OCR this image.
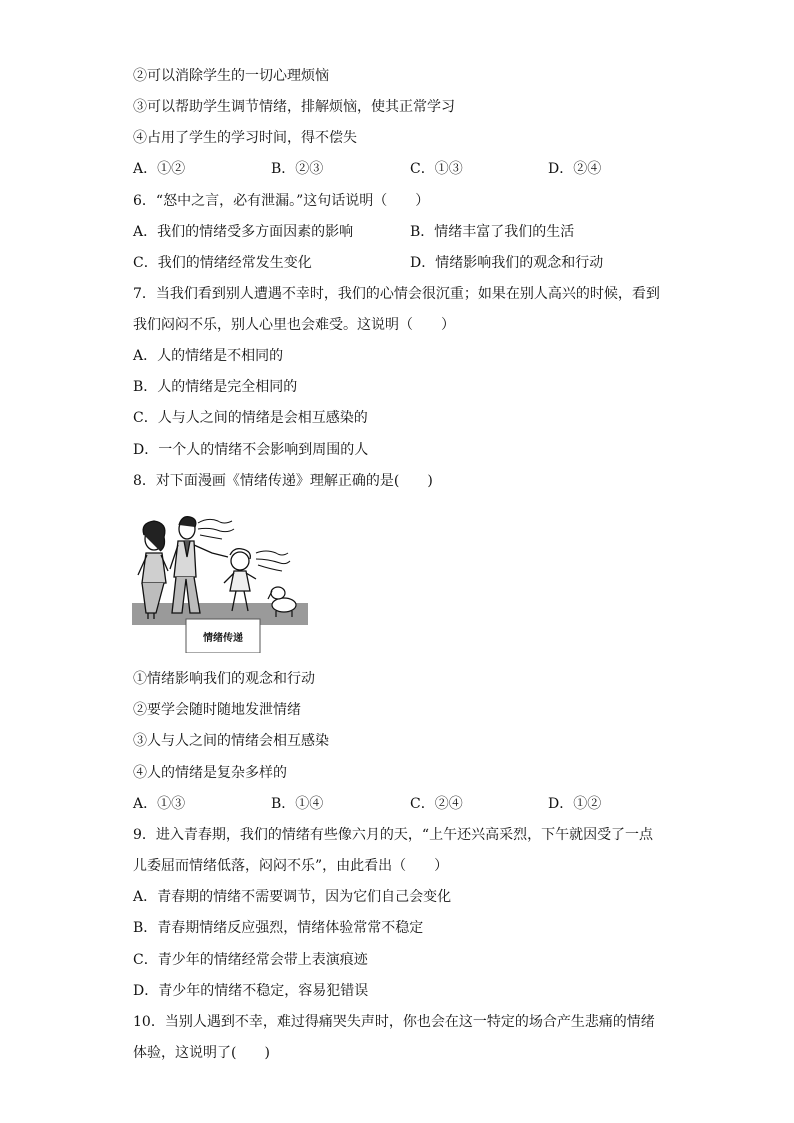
②可以消除学生的一切心理烦恼
③可以帮助学生调节情绪，排解烦恼，使其正常学习
④占用了学生的学习时间，得不偿失
A．①②	B．②③	C．①③	D．②④
6．“怒中之言，必有泄漏。”这句话说明（　　）
A．我们的情绪受多方面因素的影响	B．情绪丰富了我们的生活
C．我们的情绪经常发生变化	D．情绪影响我们的观念和行动
7．当我们看到别人遭遇不幸时，我们的心情会很沉重；如果在别人高兴的时候，看到
我们闷闷不乐，别人心里也会难受。这说明（　　）
A．人的情绪是不相同的
B．人的情绪是完全相同的
C．人与人之间的情绪是会相互感染的
D．一个人的情绪不会影响到周围的人
8．对下面漫画《情绪传递》理解正确的是(　　)
情绪传递
①情绪影响我们的观念和行动
②要学会随时随地发泄情绪
③人与人之间的情绪会相互感染
④人的情绪是复杂多样的
A．①③	B．①④	C．②④	D．①②
9．进入青春期，我们的情绪有些像六月的天，“上午还兴高采烈，下午就因受了一点
儿委屈而情绪低落，闷闷不乐”，由此看出（　　）
A．青春期的情绪不需要调节，因为它们自己会变化
B．青春期情绪反应强烈，情绪体验常常不稳定
C．青少年的情绪经常会带上表演痕迹
D．青少年的情绪不稳定，容易犯错误
10．当别人遇到不幸，难过得痛哭失声时，你也会在这一特定的场合产生悲痛的情绪
体验，这说明了(　　)
